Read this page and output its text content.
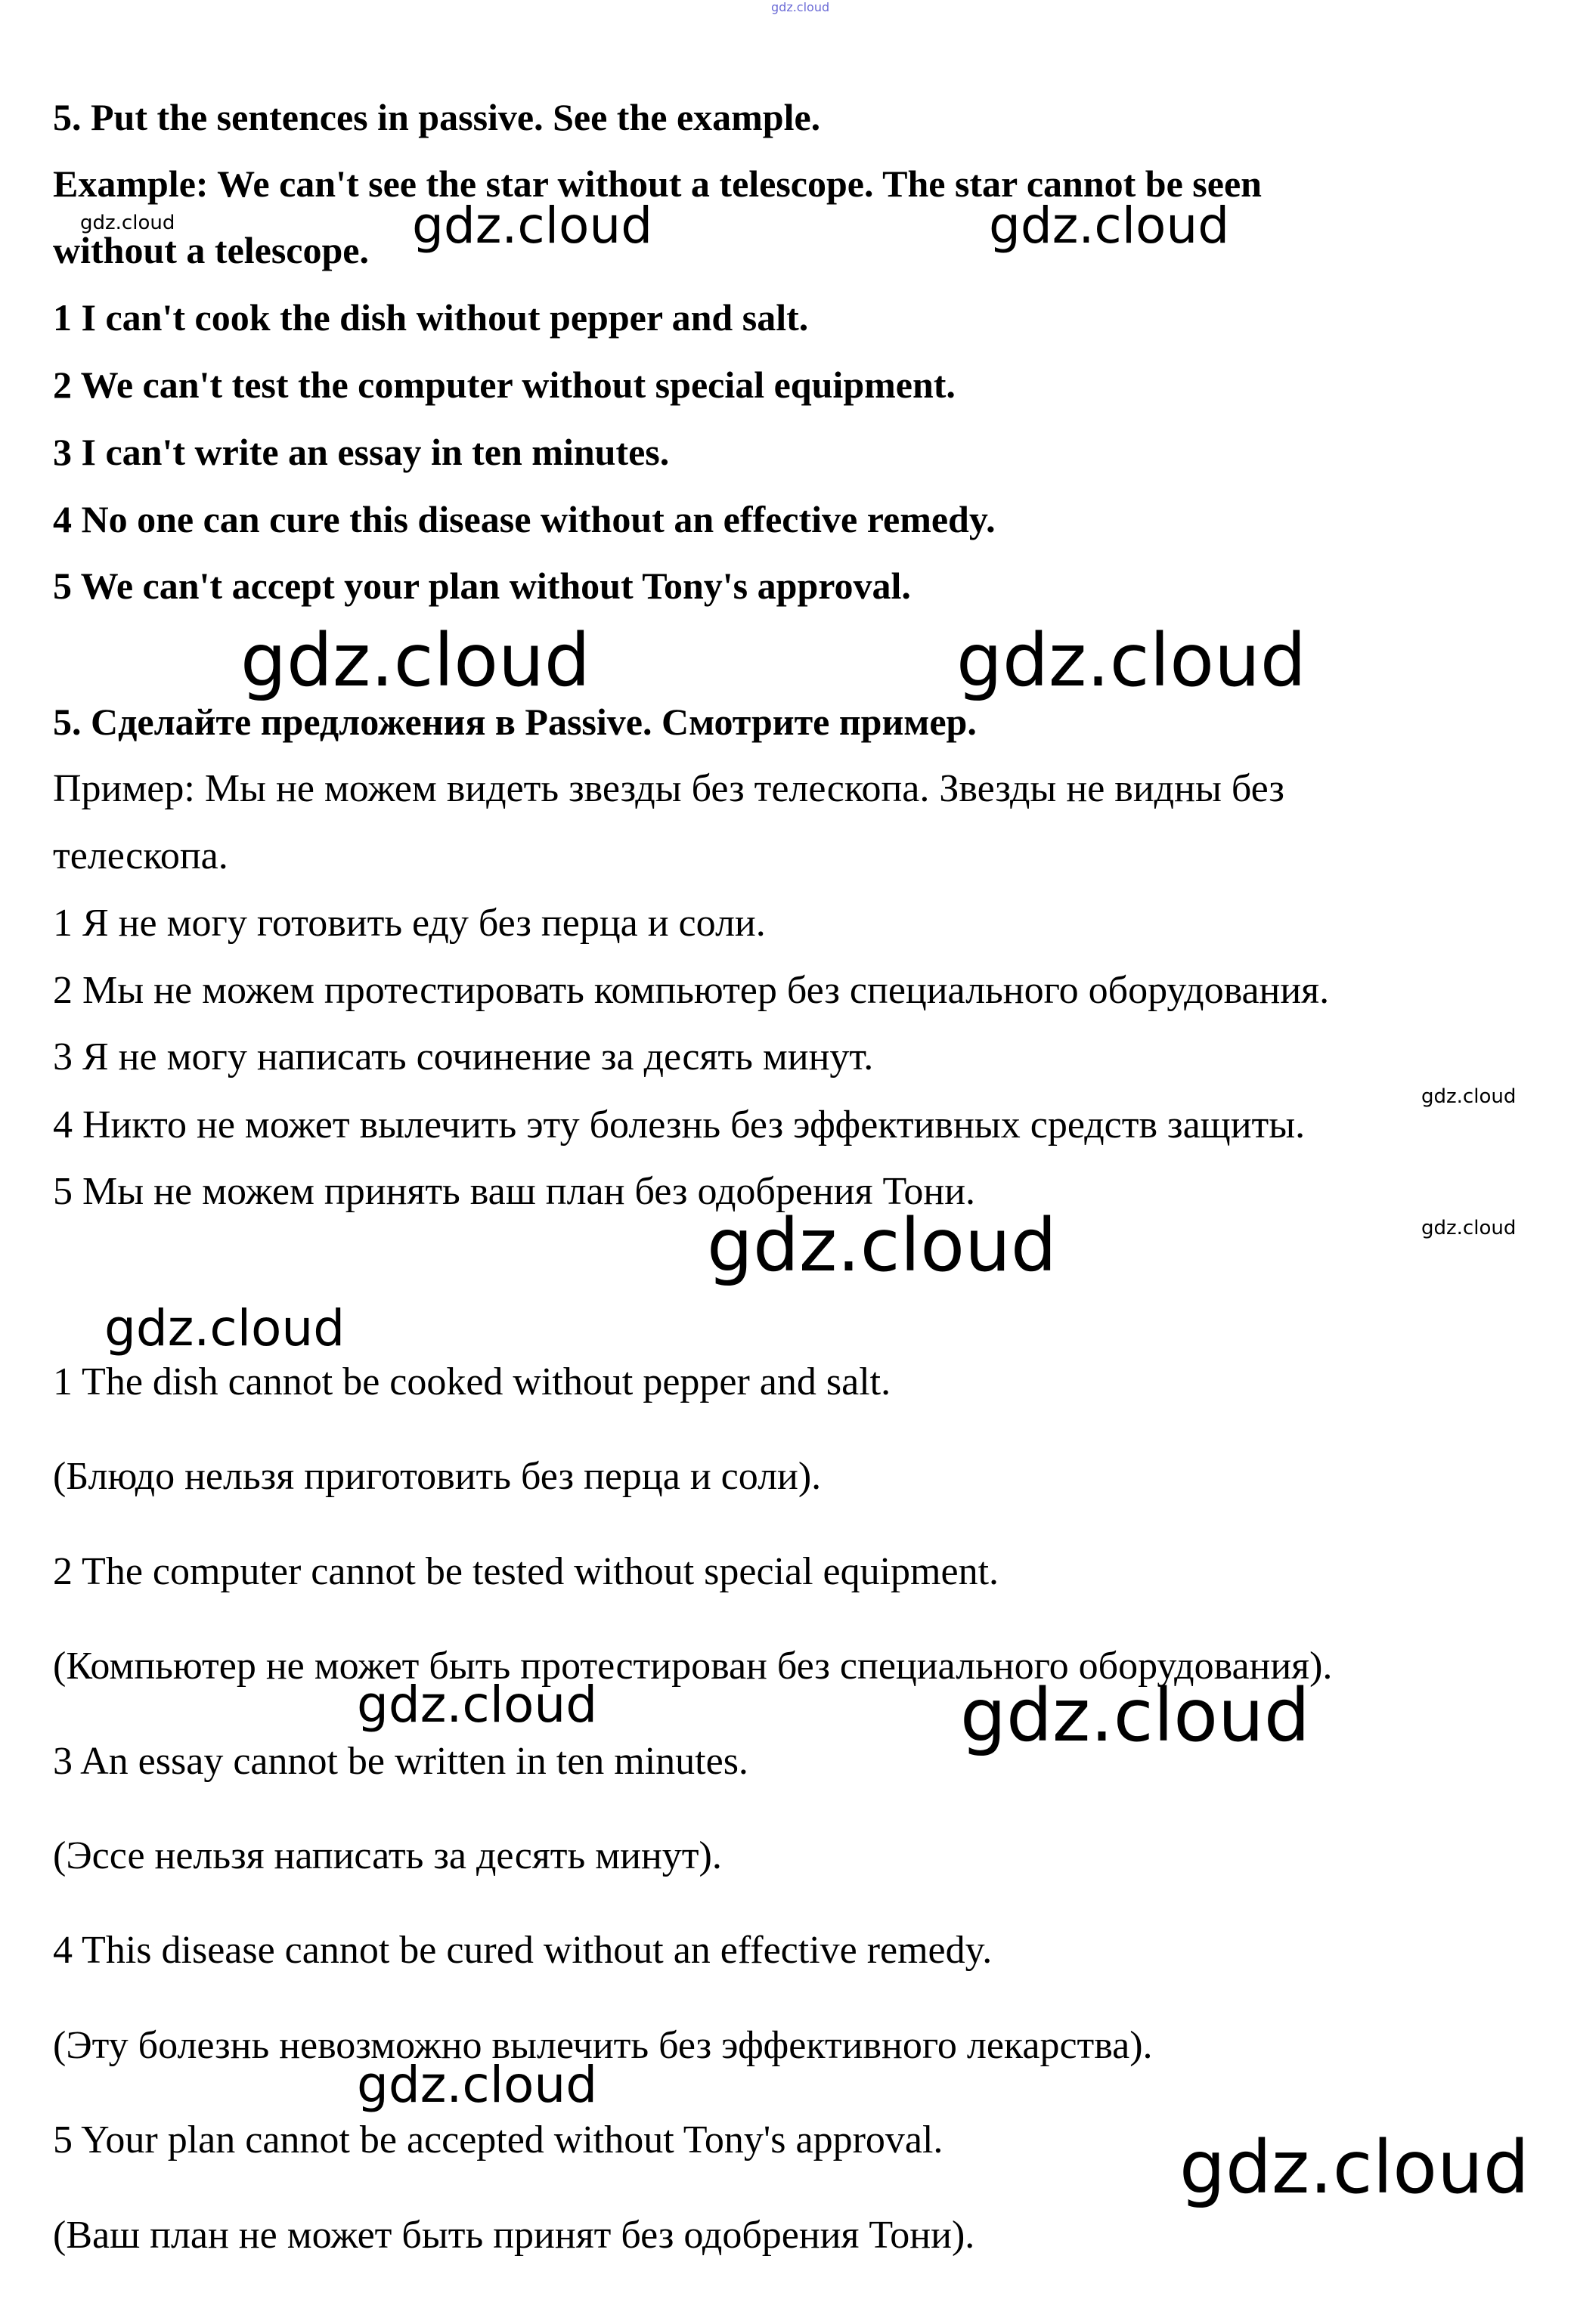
gdz.cloud
5. Put the sentences in passive. See the example.
Example: We can't see the star without a telescope. The star cannot be seen
without a telescope.
1 I can't cook the dish without pepper and salt.
2 We can't test the computer without special equipment.
3 I can't write an essay in ten minutes.
4 No one can cure this disease without an effective remedy.
5 We can't accept your plan without Tony's approval.
5. Сделайте предложения в Passive. Смотрите пример.
Пример: Мы не можем видеть звезды без телескопа. Звезды не видны без
телескопа.
1 Я не могу готовить еду без перца и соли.
2 Мы не можем протестировать компьютер без специального оборудования.
3 Я не могу написать сочинение за десять минут.
4 Никто не может вылечить эту болезнь без эффективных средств защиты.
5 Мы не можем принять ваш план без одобрения Тони.
1 The dish cannot be cooked without pepper and salt.
(Блюдо нельзя приготовить без перца и соли).
2 The computer cannot be tested without special equipment.
(Компьютер не может быть протестирован без специального оборудования).
3 An essay cannot be written in ten minutes.
(Эссе нельзя написать за десять минут).
4 This disease cannot be cured without an effective remedy.
(Эту болезнь невозможно вылечить без эффективного лекарства).
5 Your plan cannot be accepted without Tony's approval.
(Ваш план не может быть принят без одобрения Тони).
gdz.cloud	gdz.cloud	gdz.cloud
gdz.cloud	gdz.cloud
gdz.cloud
gdz.cloud	gdz.cloud
gdz.cloud
gdz.cloud	gdz.cloud
gdz.cloud
gdz.cloud
